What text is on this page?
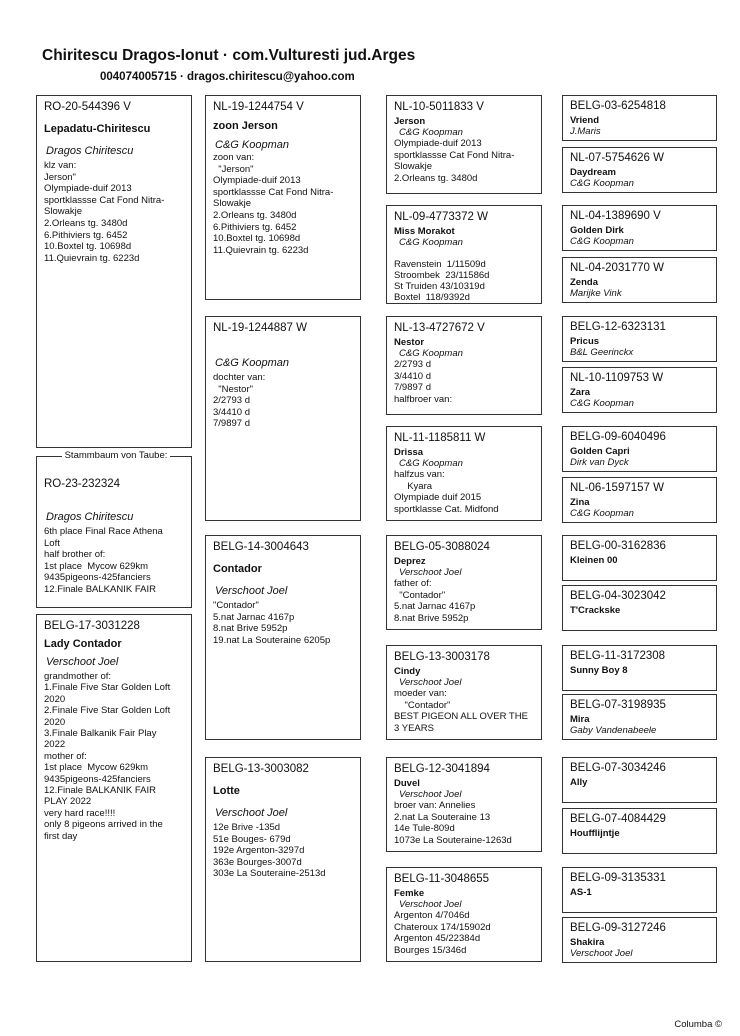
Chiritescu Dragos-Ionut · com.Vulturesti jud.Arges
004074005715 · dragos.chiritescu@yahoo.com
RO-20-544396 V
Lepadatu-Chiritescu
Dragos Chiritescu
klz van:
Jerson"
Olympiade-duif 2013
sportklassse Cat Fond Nitra-
Slowakje
2.Orleans tg. 3480d
6.Pithiviers tg. 6452
10.Boxtel tg. 10698d
11.Quievrain tg. 6223d
RO-23-232324
Dragos Chiritescu
6th place Final Race Athena
Loft
half brother of:
1st place  Mycow 629km
9435pigeons-425fanciers
12.Finale BALKANIK FAIR
Stammbaum von Taube:
BELG-17-3031228
Lady Contador
Verschoot Joel
grandmother of:
1.Finale Five Star Golden Loft
2020
2.Finale Five Star Golden Loft
2020
3.Finale Balkanik Fair Play
2022
mother of:
1st place  Mycow 629km
9435pigeons-425fanciers
12.Finale BALKANIK FAIR
PLAY 2022
very hard race!!!!
only 8 pigeons arrived in the
first day
NL-19-1244754 V
zoon Jerson
C&G Koopman
zoon van:
"Jerson"
Olympiade-duif 2013
sportklassse Cat Fond Nitra-
Slowakje
2.Orleans tg. 3480d
6.Pithiviers tg. 6452
10.Boxtel tg. 10698d
11.Quievrain tg. 6223d
NL-19-1244887 W
C&G Koopman
dochter van:
"Nestor"
2/2793 d
3/4410 d
7/9897 d
BELG-14-3004643
Contador
Verschoot Joel
"Contador"
5.nat Jarnac 4167p
8.nat Brive 5952p
19.nat La Souteraine 6205p
BELG-13-3003082
Lotte
Verschoot Joel
12e Brive -135d
51e Bouges- 679d
192e Argenton-3297d
363e Bourges-3007d
303e La Souteraine-2513d
NL-10-5011833 V
Jerson
C&G Koopman
Olympiade-duif 2013
sportklassse Cat Fond Nitra-
Slowakje
2.Orleans tg. 3480d
NL-09-4773372 W
Miss Morakot
C&G Koopman

Ravenstein  1/11509d
Stroombek  23/11586d
St Truiden 43/10319d
Boxtel  118/9392d
NL-13-4727672 V
Nestor
C&G Koopman
2/2793 d
3/4410 d
7/9897 d
halfbroer van:
NL-11-1185811 W
Drissa
C&G Koopman
halfzus van:
Kyara
Olympiade duif 2015
sportklasse Cat. Midfond
BELG-05-3088024
Deprez
Verschoot Joel
father of:
"Contador"
5.nat Jarnac 4167p
8.nat Brive 5952p
BELG-13-3003178
Cindy
Verschoot Joel
moeder van:
"Contador"
BEST PIGEON ALL OVER THE
3 YEARS
BELG-12-3041894
Duvel
Verschoot Joel
broer van: Annelies
2.nat La Souteraine 13
14e Tule-809d
1073e La Souteraine-1263d
BELG-11-3048655
Femke
Verschoot Joel
Argenton 4/7046d
Chateroux 174/15902d
Argenton 45/22384d
Bourges 15/346d
BELG-03-6254818
Vriend
J.Maris
NL-07-5754626 W
Daydream
C&G Koopman
NL-04-1389690 V
Golden Dirk
C&G Koopman
NL-04-2031770 W
Zenda
Marijke Vink
BELG-12-6323131
Pricus
B&L Geerinckx
NL-10-1109753 W
Zara
C&G Koopman
BELG-09-6040496
Golden Capri
Dirk van Dyck
NL-06-1597157 W
Zina
C&G Koopman
BELG-00-3162836
Kleinen 00
BELG-04-3023042
T'Crackske
BELG-11-3172308
Sunny Boy 8
BELG-07-3198935
Mira
Gaby Vandenabeele
BELG-07-3034246
Ally
BELG-07-4084429
Houfflijntje
BELG-09-3135331
AS-1
BELG-09-3127246
Shakira
Verschoot Joel
Columba ©
